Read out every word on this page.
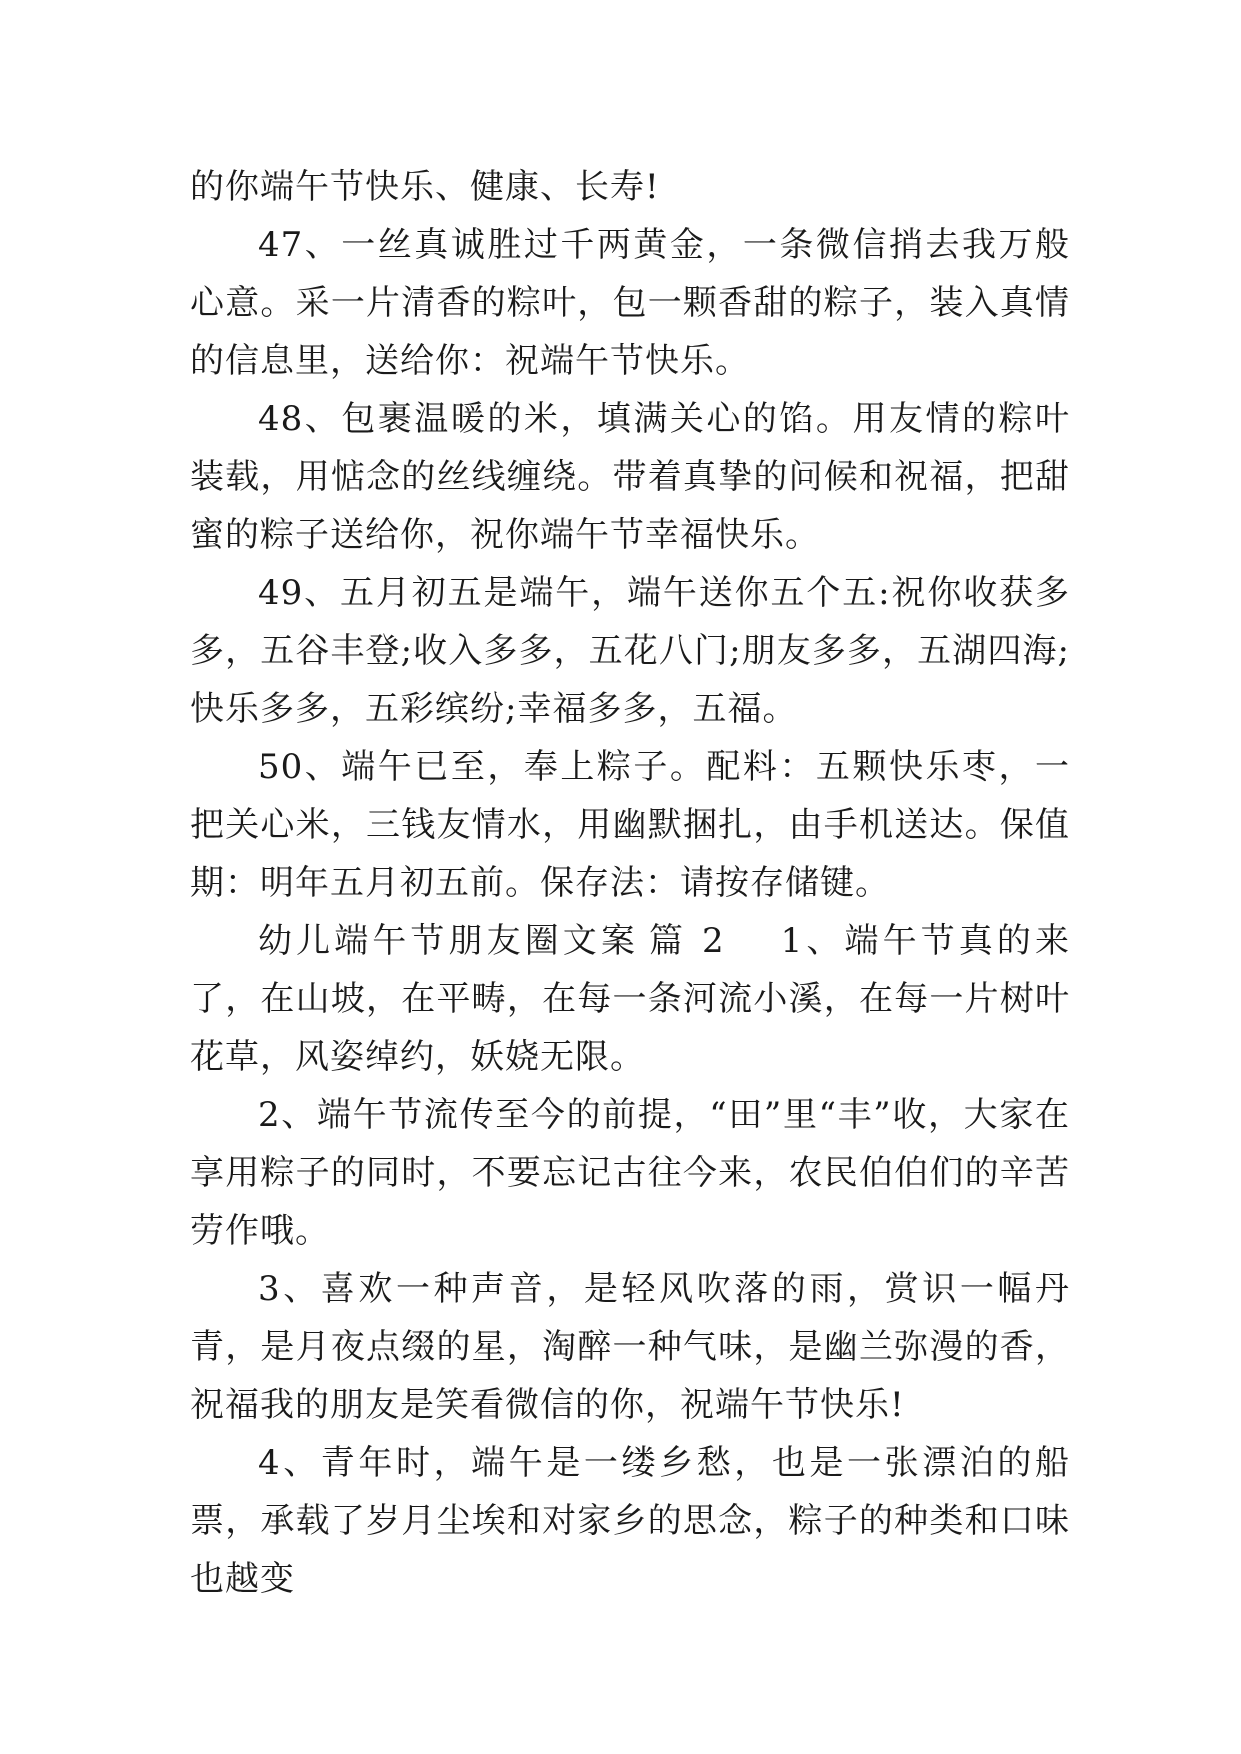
的你端午节快乐、健康、长寿!

47、一丝真诚胜过千两黄金，一条微信捎去我万般心意。采一片清香的粽叶，包一颗香甜的粽子，装入真情的信息里，送给你：祝端午节快乐。

48、包裹温暖的米，填满关心的馅。用友情的粽叶装载，用惦念的丝线缠绕。带着真挚的问候和祝福，把甜蜜的粽子送给你，祝你端午节幸福快乐。

49、五月初五是端午，端午送你五个五:祝你收获多多，五谷丰登;收入多多，五花八门;朋友多多，五湖四海;快乐多多，五彩缤纷;幸福多多，五福。

50、端午已至，奉上粽子。配料：五颗快乐枣，一把关心米，三钱友情水，用幽默捆扎，由手机送达。保值期：明年五月初五前。保存法：请按存储键。

幼儿端午节朋友圈文案 篇 2 1、端午节真的来了，在山坡，在平畴，在每一条河流小溪，在每一片树叶花草，风姿绰约，妖娆无限。

2、端午节流传至今的前提，“田”里“丰”收，大家在享用粽子的同时，不要忘记古往今来，农民伯伯们的辛苦劳作哦。

3、喜欢一种声音，是轻风吹落的雨，赏识一幅丹青，是月夜点缀的星，淘醉一种气味，是幽兰弥漫的香，祝福我的朋友是笑看微信的你，祝端午节快乐!

4、青年时，端午是一缕乡愁，也是一张漂泊的船票，承载了岁月尘埃和对家乡的思念，粽子的种类和口味也越变
